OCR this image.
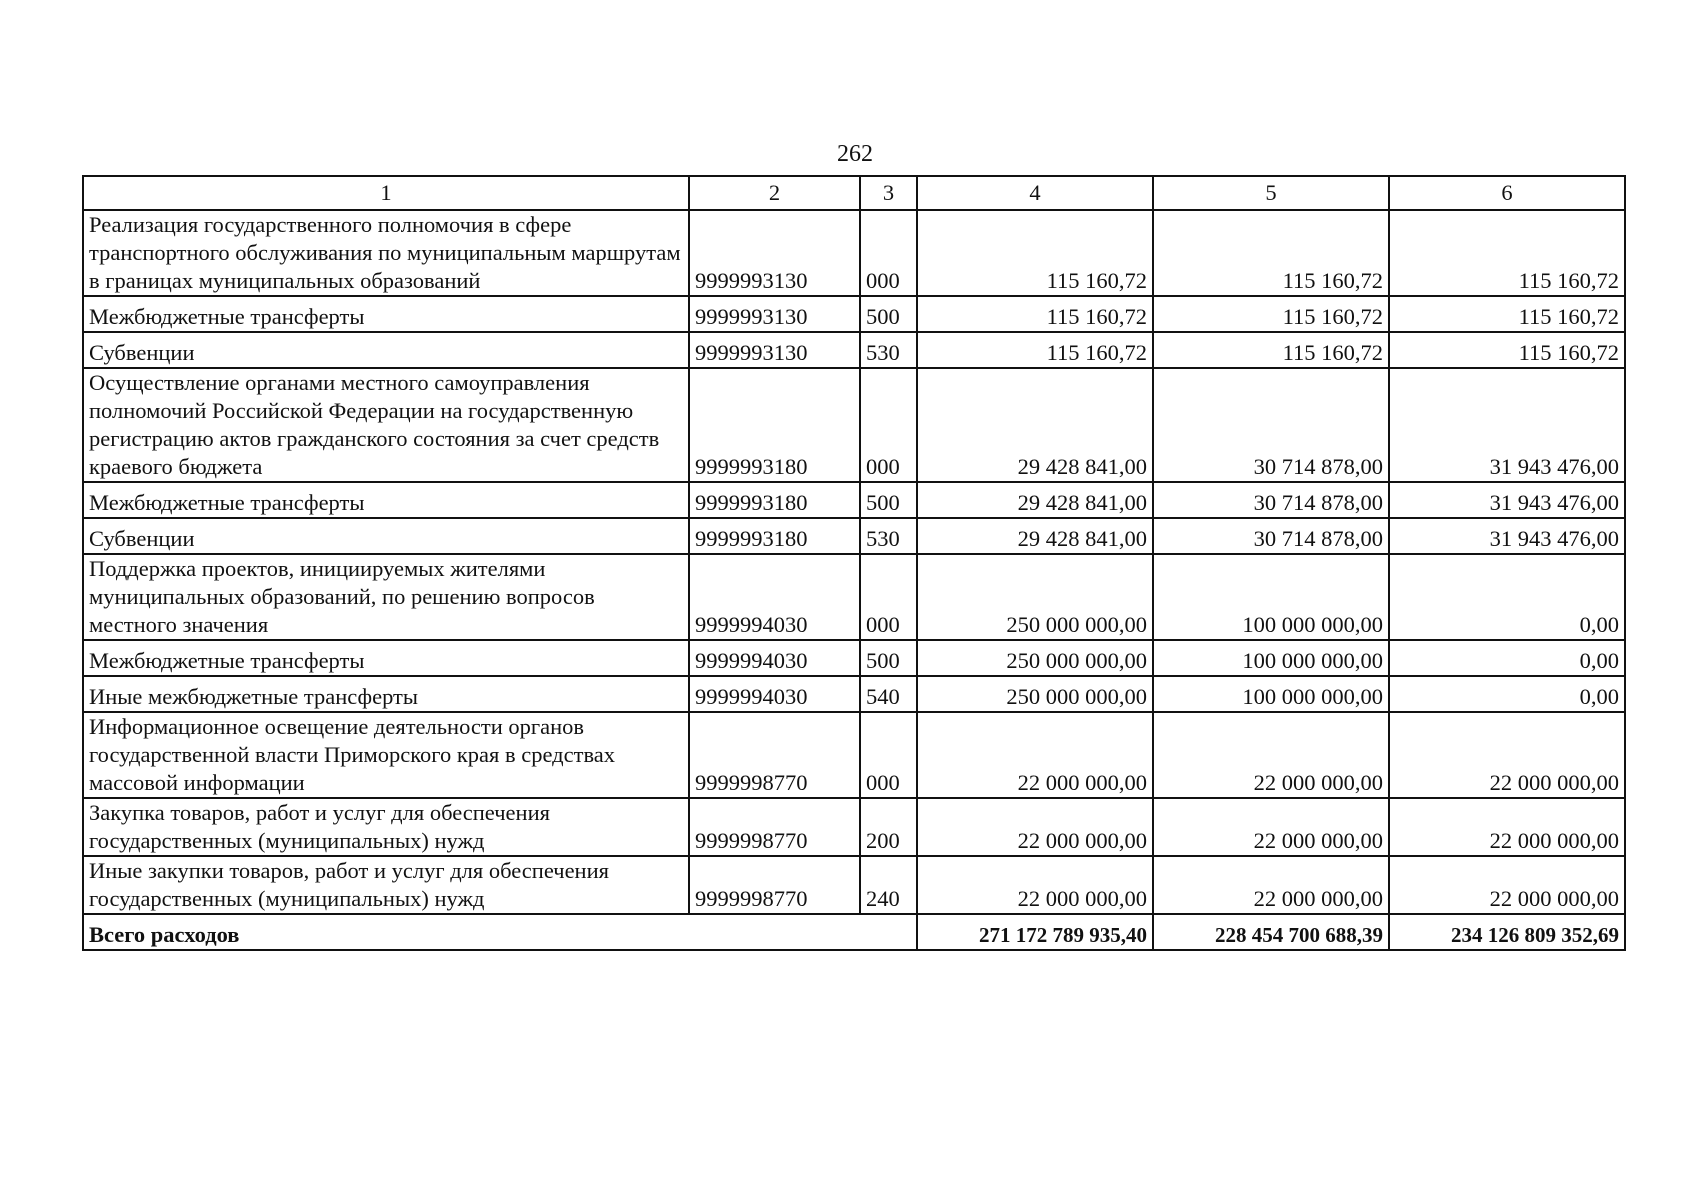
262
1	2	3	4	5	6
Реализация государственного полномочия в сфере транспортного обслуживания по муниципальным маршрутам в границах муниципальных образований	9999993130	000	115 160,72	115 160,72	115 160,72
Межбюджетные трансферты	9999993130	500	115 160,72	115 160,72	115 160,72
Субвенции	9999993130	530	115 160,72	115 160,72	115 160,72
Осуществление органами местного самоуправления полномочий Российской Федерации на государственную регистрацию актов гражданского состояния за счет средств краевого бюджета	9999993180	000	29 428 841,00	30 714 878,00	31 943 476,00
Межбюджетные трансферты	9999993180	500	29 428 841,00	30 714 878,00	31 943 476,00
Субвенции	9999993180	530	29 428 841,00	30 714 878,00	31 943 476,00
Поддержка проектов, инициируемых жителями муниципальных образований, по решению вопросов местного значения	9999994030	000	250 000 000,00	100 000 000,00	0,00
Межбюджетные трансферты	9999994030	500	250 000 000,00	100 000 000,00	0,00
Иные межбюджетные трансферты	9999994030	540	250 000 000,00	100 000 000,00	0,00
Информационное освещение деятельности органов государственной власти Приморского края в средствах массовой информации	9999998770	000	22 000 000,00	22 000 000,00	22 000 000,00
Закупка товаров, работ и услуг для обеспечения государственных (муниципальных) нужд	9999998770	200	22 000 000,00	22 000 000,00	22 000 000,00
Иные закупки товаров, работ и услуг для обеспечения государственных (муниципальных) нужд	9999998770	240	22 000 000,00	22 000 000,00	22 000 000,00
Всего расходов			271 172 789 935,40	228 454 700 688,39	234 126 809 352,69
